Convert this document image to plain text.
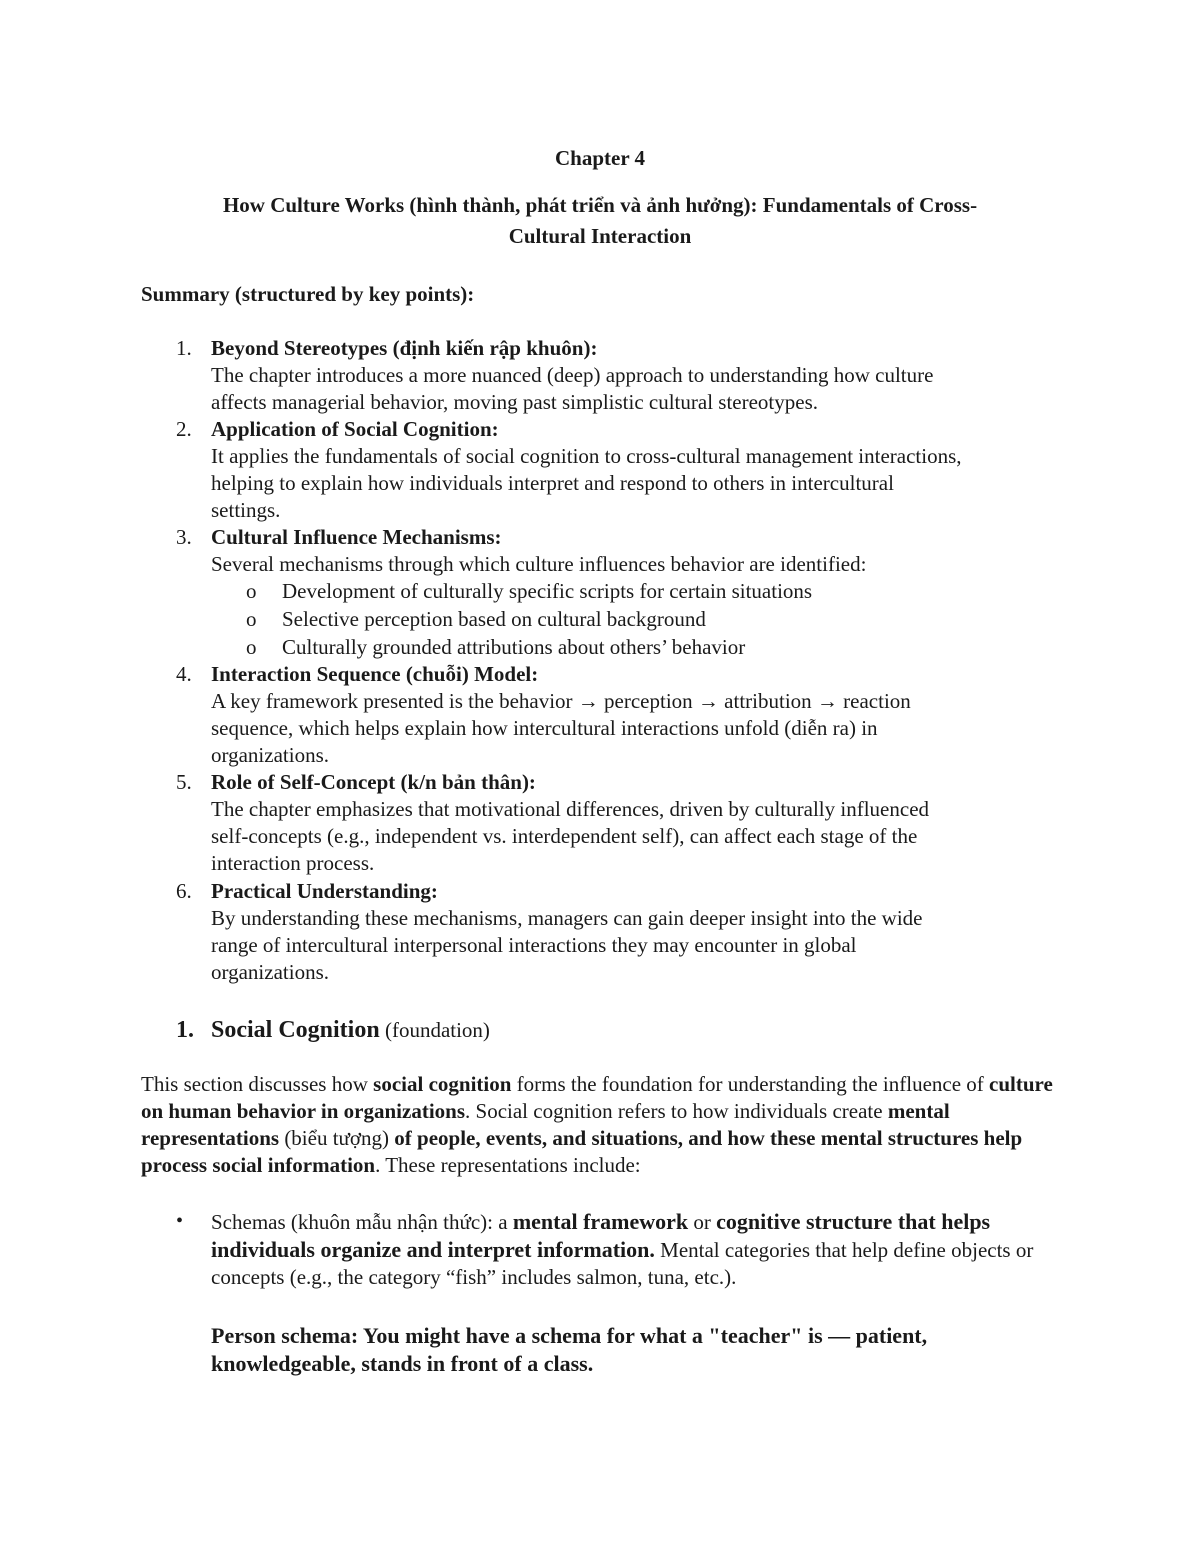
Chapter 4
How Culture Works (hình thành, phát triển và ảnh hưởng): Fundamentals of Cross-
Cultural Interaction
Summary (structured by key points):
1. Beyond Stereotypes (định kiến rập khuôn):
The chapter introduces a more nuanced (deep) approach to understanding how culture
affects managerial behavior, moving past simplistic cultural stereotypes.
2. Application of Social Cognition:
It applies the fundamentals of social cognition to cross-cultural management interactions,
helping to explain how individuals interpret and respond to others in intercultural
settings.
3. Cultural Influence Mechanisms:
Several mechanisms through which culture influences behavior are identified:
o Development of culturally specific scripts for certain situations
o Selective perception based on cultural background
o Culturally grounded attributions about others’ behavior
4. Interaction Sequence (chuỗi) Model:
A key framework presented is the behavior → perception → attribution → reaction
sequence, which helps explain how intercultural interactions unfold (diễn ra) in
organizations.
5. Role of Self-Concept (k/n bản thân):
The chapter emphasizes that motivational differences, driven by culturally influenced
self-concepts (e.g., independent vs. interdependent self), can affect each stage of the
interaction process.
6. Practical Understanding:
By understanding these mechanisms, managers can gain deeper insight into the wide
range of intercultural interpersonal interactions they may encounter in global
organizations.
1. Social Cognition (foundation)
This section discusses how social cognition forms the foundation for understanding the influence of culture on human behavior in organizations. Social cognition refers to how individuals create mental representations (biểu tượng) of people, events, and situations, and how these mental structures help process social information. These representations include:
• Schemas (khuôn mẫu nhận thức): a mental framework or cognitive structure that helps individuals organize and interpret information. Mental categories that help define objects or concepts (e.g., the category “fish” includes salmon, tuna, etc.).
Person schema: You might have a schema for what a "teacher" is — patient, knowledgeable, stands in front of a class.
